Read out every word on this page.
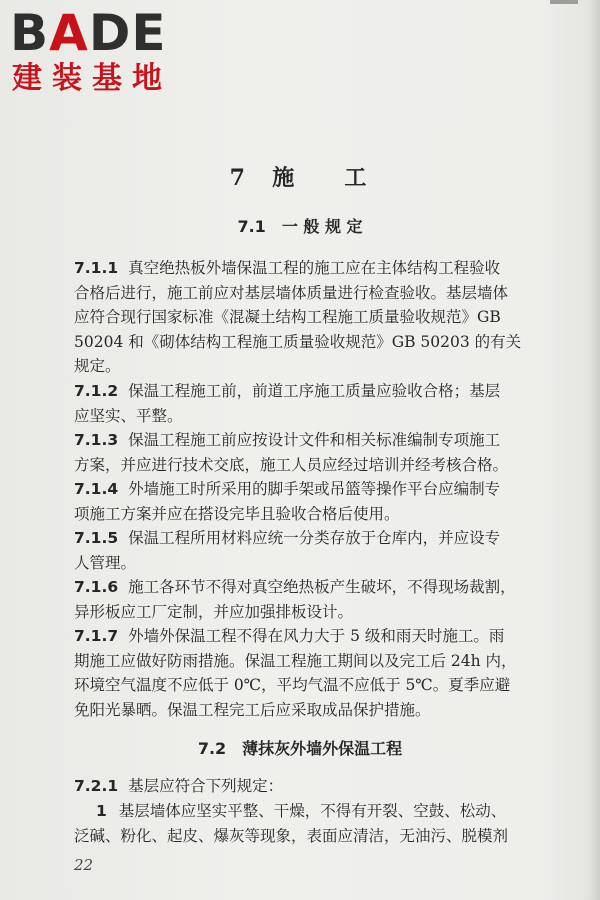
BADE
建装基地
7 施 工
7.1　一 般 规 定
7.1.1 真空绝热板外墙保温工程的施工应在主体结构工程验收
合格后进行，施工前应对基层墙体质量进行检查验收。基层墙体
应符合现行国家标准《混凝土结构工程施工质量验收规范》GB
50204 和《砌体结构工程施工质量验收规范》GB 50203 的有关
规定。
7.1.2 保温工程施工前，前道工序施工质量应验收合格；基层
应坚实、平整。
7.1.3 保温工程施工前应按设计文件和相关标准编制专项施工
方案，并应进行技术交底，施工人员应经过培训并经考核合格。
7.1.4 外墙施工时所采用的脚手架或吊篮等操作平台应编制专
项施工方案并应在搭设完毕且验收合格后使用。
7.1.5 保温工程所用材料应统一分类存放于仓库内，并应设专
人管理。
7.1.6 施工各环节不得对真空绝热板产生破坏，不得现场裁割，
异形板应工厂定制，并应加强排板设计。
7.1.7 外墙外保温工程不得在风力大于 5 级和雨天时施工。雨
期施工应做好防雨措施。保温工程施工期间以及完工后 24h 内，
环境空气温度不应低于 0℃，平均气温不应低于 5℃。夏季应避
免阳光暴晒。保温工程完工后应采取成品保护措施。
7.2　薄抹灰外墙外保温工程
7.2.1 基层应符合下列规定：
1 基层墙体应坚实平整、干燥，不得有开裂、空鼓、松动、
泛碱、粉化、起皮、爆灰等现象，表面应清洁，无油污、脱模剂
22
